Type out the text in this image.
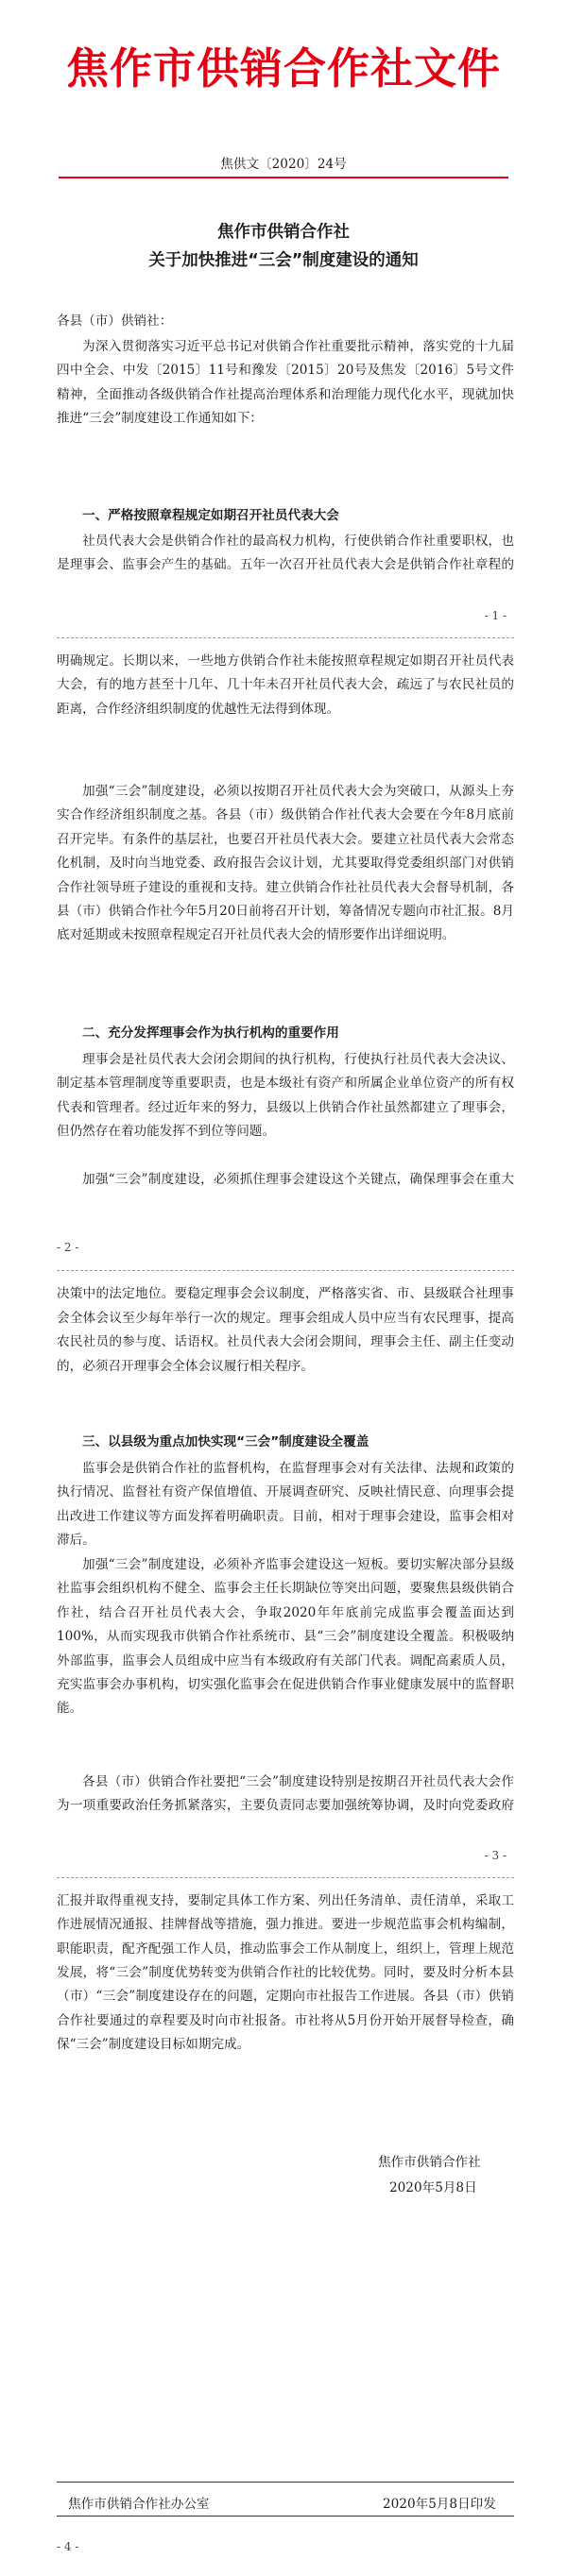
焦作市供销合作社文件
焦供文〔2020〕24号
焦作市供销合作社
关于加快推进“三会”制度建设的通知
各县（市）供销社：

为深入贯彻落实习近平总书记对供销合作社重要批示精神，落实党的十九届四中全会、中发〔2015〕11号和豫发〔2015〕20号及焦发〔2016〕5号文件精神，全面推动各级供销合作社提高治理体系和治理能力现代化水平，现就加快推进“三会”制度建设工作通知如下：

一、严格按照章程规定如期召开社员代表大会

社员代表大会是供销合作社的最高权力机构，行使供销合作社重要职权，也是理事会、监事会产生的基础。五年一次召开社员代表大会是供销合作社章程的

- 1 -

明确规定。长期以来，一些地方供销合作社未能按照章程规定如期召开社员代表大会，有的地方甚至十几年、几十年未召开社员代表大会，疏远了与农民社员的距离，合作经济组织制度的优越性无法得到体现。

加强“三会”制度建设，必须以按期召开社员代表大会为突破口，从源头上夯实合作经济组织制度之基。各县（市）级供销合作社代表大会要在今年8月底前召开完毕。有条件的基层社，也要召开社员代表大会。要建立社员代表大会常态化机制，及时向当地党委、政府报告会议计划，尤其要取得党委组织部门对供销合作社领导班子建设的重视和支持。建立供销合作社社员代表大会督导机制，各县（市）供销合作社今年5月20日前将召开计划，筹备情况专题向市社汇报。8月底对延期或未按照章程规定召开社员代表大会的情形要作出详细说明。

二、充分发挥理事会作为执行机构的重要作用

理事会是社员代表大会闭会期间的执行机构，行使执行社员代表大会决议、制定基本管理制度等重要职责，也是本级社有资产和所属企业单位资产的所有权代表和管理者。经过近年来的努力，县级以上供销合作社虽然都建立了理事会，但仍然存在着功能发挥不到位等问题。

加强“三会”制度建设，必须抓住理事会建设这个关键点，确保理事会在重大

- 2 -

决策中的法定地位。要稳定理事会会议制度，严格落实省、市、县级联合社理事会全体会议至少每年举行一次的规定。理事会组成人员中应当有农民理事，提高农民社员的参与度、话语权。社员代表大会闭会期间，理事会主任、副主任变动的，必须召开理事会全体会议履行相关程序。

三、以县级为重点加快实现“三会”制度建设全覆盖

监事会是供销合作社的监督机构，在监督理事会对有关法律、法规和政策的执行情况、监督社有资产保值增值、开展调查研究、反映社情民意、向理事会提出改进工作建议等方面发挥着明确职责。目前，相对于理事会建设，监事会相对滞后。

加强“三会”制度建设，必须补齐监事会建设这一短板。要切实解决部分县级社监事会组织机构不健全、监事会主任长期缺位等突出问题，要聚焦县级供销合作社，结合召开社员代表大会，争取2020年年底前完成监事会覆盖面达到100%，从而实现我市供销合作社系统市、县“三会”制度建设全覆盖。积极吸纳外部监事，监事会人员组成中应当有本级政府有关部门代表。调配高素质人员，充实监事会办事机构，切实强化监事会在促进供销合作事业健康发展中的监督职能。

各县（市）供销合作社要把“三会”制度建设特别是按期召开社员代表大会作为一项重要政治任务抓紧落实，主要负责同志要加强统筹协调，及时向党委政府

- 3 -

汇报并取得重视支持，要制定具体工作方案、列出任务清单、责任清单，采取工作进展情况通报、挂牌督战等措施，强力推进。要进一步规范监事会机构编制，职能职责，配齐配强工作人员，推动监事会工作从制度上，组织上，管理上规范发展，将“三会”制度优势转变为供销合作社的比较优势。同时，要及时分析本县（市）“三会”制度建设存在的问题，定期向市社报告工作进展。各县（市）供销合作社要通过的章程要及时向市社报备。市社将从5月份开始开展督导检查，确保“三会”制度建设目标如期完成。

焦作市供销合作社
2020年5月8日
焦作市供销合作社办公室	2020年5月8日印发
- 4 -
